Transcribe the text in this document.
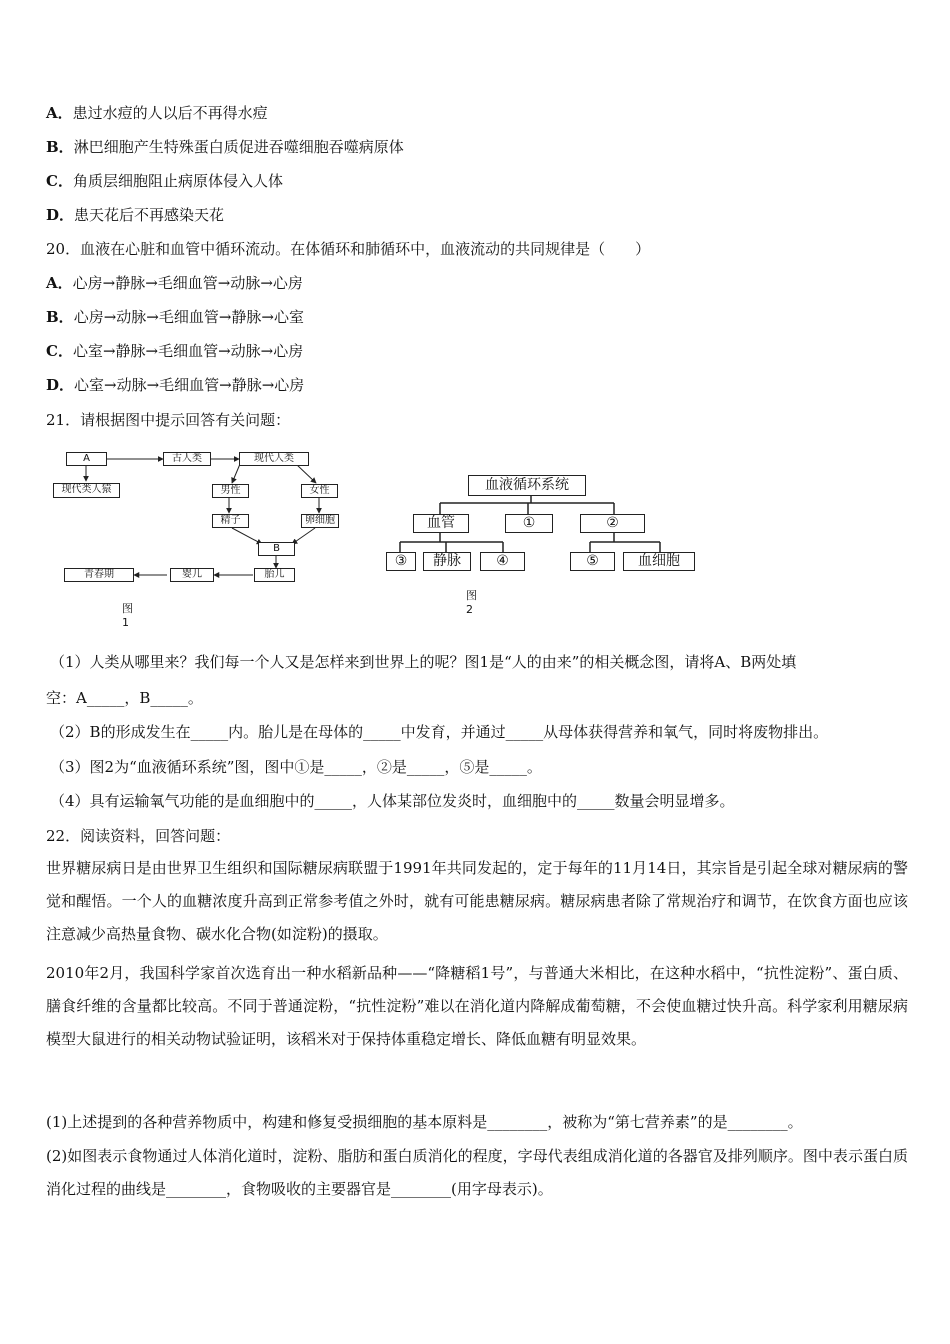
A．患过水痘的人以后不再得水痘
B．淋巴细胞产生特殊蛋白质促进吞噬细胞吞噬病原体
C．角质层细胞阻止病原体侵入人体
D．患天花后不再感染天花
20．血液在心脏和血管中循环流动。在体循环和肺循环中，血液流动的共同规律是（　　）
A．心房→静脉→毛细血管→动脉→心房
B．心房→动脉→毛细血管→静脉→心室
C．心室→静脉→毛细血管→动脉→心房
D．心室→动脉→毛细血管→静脉→心房
21．请根据图中提示回答有关问题：
A	古人类	现代人类
现代类人猿	男性	女性
精子	卵细胞
B
胎儿
婴儿
青春期
图1
血液循环系统
血管	①	②
③	静脉	④	⑤	血细胞
图2
（1）人类从哪里来？我们每一个人又是怎样来到世界上的呢？图1是“人的由来”的相关概念图，请将A、B两处填
空：A_____，B_____。
（2）B的形成发生在_____内。胎儿是在母体的_____中发育，并通过_____从母体获得营养和氧气，同时将废物排出。
（3）图2为“血液循环系统”图，图中①是_____，②是_____，⑤是_____。
（4）具有运输氧气功能的是血细胞中的_____，人体某部位发炎时，血细胞中的_____数量会明显增多。
22．阅读资料，回答问题：
世界糖尿病日是由世界卫生组织和国际糖尿病联盟于1991年共同发起的，定于每年的11月14日，其宗旨是引起全球对糖尿病的警觉和醒悟。一个人的血糖浓度升高到正常参考值之外时，就有可能患糖尿病。糖尿病患者除了常规治疗和调节，在饮食方面也应该注意减少高热量食物、碳水化合物(如淀粉)的摄取。
2010年2月，我国科学家首次选育出一种水稻新品种——“降糖稻1号”，与普通大米相比，在这种水稻中，“抗性淀粉”、蛋白质、膳食纤维的含量都比较高。不同于普通淀粉，“抗性淀粉”难以在消化道内降解成葡萄糖，不会使血糖过快升高。科学家利用糖尿病模型大鼠进行的相关动物试验证明，该稻米对于保持体重稳定增长、降低血糖有明显效果。
(1)上述提到的各种营养物质中，构建和修复受损细胞的基本原料是________，被称为“第七营养素”的是________。
(2)如图表示食物通过人体消化道时，淀粉、脂肪和蛋白质消化的程度，字母代表组成消化道的各器官及排列顺序。图中表示蛋白质消化过程的曲线是________，食物吸收的主要器官是________(用字母表示)。
